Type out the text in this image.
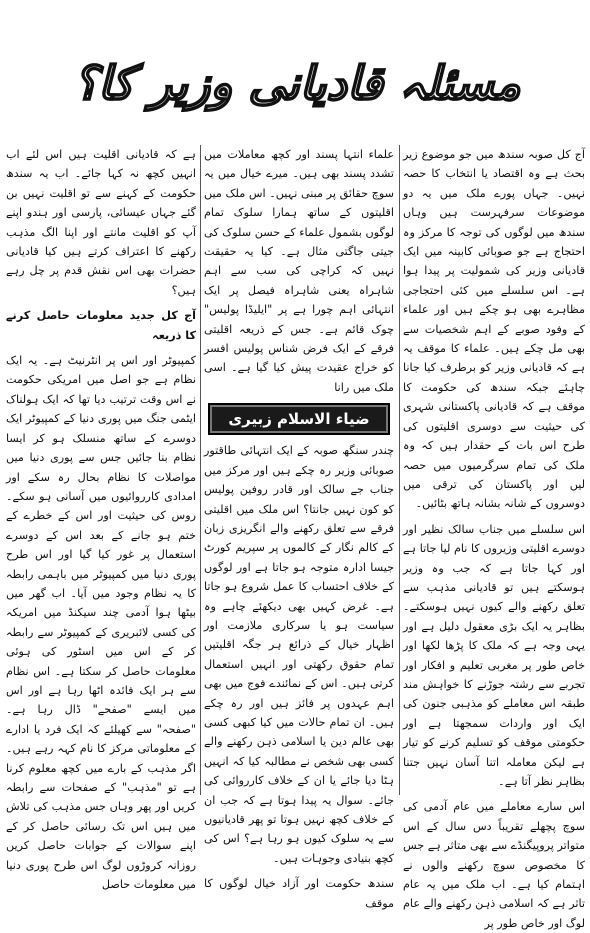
مسئلہ قادیانی وزیر کا؟

آج کل صوبہ سندھ میں جو موضوع زیر بحث ہے وہ اقتصاد یا انتخاب کا حصہ نہیں۔ جہاں پورے ملک میں یہ دو موضوعات سرفہرست ہیں وہاں سندھ میں لوگوں کی توجہ کا مرکز وہ احتجاج ہے جو صوبائی کابینہ میں ایک قادیانی وزیر کی شمولیت پر پیدا ہوا ہے۔ اس سلسلے میں کئی احتجاجی مظاہرے بھی ہو چکے ہیں اور علماء کے وفود صوبے کے اہم شخصیات سے بھی مل چکے ہیں۔ علماء کا موقف یہ ہے کہ قادیانی وزیر کو برطرف کیا جانا چاہئے جبکہ سندھ کی حکومت کا موقف ہے کہ قادیانی پاکستانی شہری کی حیثیت سے دوسری اقلیتوں کی طرح اس بات کے حقدار ہیں کہ وہ ملک کی تمام سرگرمیوں میں حصہ لیں اور پاکستان کی ترقی میں دوسروں کے شانہ بشانہ ہاتھ بٹائیں۔

اس سلسلے میں جناب سالک نظیر اور دوسرے اقلیتی وزیروں کا نام لیا جاتا ہے اور کہا جاتا ہے کہ جب وہ وزیر ہوسکتے ہیں تو قادیانی مذہب سے تعلق رکھنے والے کیوں نہیں ہوسکتے۔ بظاہر یہ ایک بڑی معقول دلیل ہے اور یہی وجہ ہے کہ ملک کا پڑھا لکھا اور خاص طور پر مغربی تعلیم و افکار اور تجربے سے رشتہ جوڑنے کا خواہش مند طبقہ اس معاملے کو مذہبی جنون کی ایک اور واردات سمجھتا ہے اور حکومتی موقف کو تسلیم کرنے کو تیار ہے لیکن معاملہ اتنا آسان نہیں جتنا بظاہر نظر آتا ہے۔

اس سارے معاملے میں عام آدمی کی سوچ پچھلے تقریباً دس سال کے اس متواتر پروپیگنڈے سے بھی متاثر ہے جس کا مخصوص سوچ رکھنے والوں نے اہتمام کیا ہے۔ اب ملک میں یہ عام تاثر ہے کہ اسلامی ذہن رکھنے والے عام لوگ اور خاص طور پر

علماء انتہا پسند اور کچھ معاملات میں تشدد پسند بھی ہیں۔ میرے خیال میں یہ سوچ حقائق پر مبنی نہیں۔ اس ملک میں اقلیتوں کے ساتھ ہمارا سلوک تمام لوگوں بشمول علماء کے حسن سلوک کی جیتی جاگتی مثال ہے۔ کیا یہ حقیقت نہیں کہ کراچی کی سب سے اہم شاہراہ یعنی شاہراہ فیصل پر ایک انتہائی اہم چورا ہے پر "ایلیڈا پولیس" چوک قائم ہے۔ جس کے ذریعہ اقلیتی فرقے کے ایک فرض شناس پولیس افسر کو خراج عقیدت پیش کیا گیا ہے۔ اسی ملک میں رانا

ضیاء الاسلام زبیری

چندر سنگھ صوبہ کے ایک انتہائی طاقتور صوبائی وزیر رہ چکے ہیں اور مرکز میں جناب جے سالک اور قادر روفین پولیس کو کون نہیں جانتا؟ اس ملک میں اقلیتی فرقے سے تعلق رکھنے والے انگریزی زبان کے کالم نگار کے کالموں پر سپریم کورٹ جیسا ادارہ متوجہ ہو جاتا ہے اور لوگوں کے خلاف احتساب کا عمل شروع ہو جاتا ہے۔ غرض کہیں بھی دیکھئے چاہے وہ سیاست ہو یا سرکاری ملازمت اور اظہار خیال کے ذرائع ہر جگہ اقلیتیں تمام حقوق رکھتی اور انہیں استعمال کرتی ہیں۔ اس کے نمائندے فوج میں بھی اہم عہدوں پر فائز ہیں اور رہ چکے ہیں۔ ان تمام حالات میں کیا کبھی کسی بھی عالم دین یا اسلامی ذہن رکھنے والے کسی بھی شخص نے مطالبہ کیا کہ انہیں ہٹا دیا جائے یا ان کے خلاف کارروائی کی جائے۔ سوال یہ پیدا ہوتا ہے کہ جب ان کے خلاف کچھ نہیں ہوتا تو پھر قادیانیوں سے یہ سلوک کیوں ہو رہا ہے؟ اس کی کچھ بنیادی وجوہات ہیں۔

سندھ حکومت اور آزاد خیال لوگوں کا موقف

ہے کہ قادیانی اقلیت ہیں اس لئے اب انہیں کچھ نہ کہا جائے۔ اب یہ سندھ حکومت کے کہنے سے تو اقلیت نہیں بن گئے جہاں عیسائی، پارسی اور ہندو اپنے آپ کو اقلیت مانتے اور اپنا الگ مذہب رکھنے کا اعتراف کرتے ہیں کیا قادیانی حضرات بھی اس نقش قدم پر چل رہے ہیں؟

آج کل جدید معلومات حاصل کرنے کا ذریعہ

کمپیوٹر اور اس پر انٹرنیٹ ہے۔ یہ ایک نظام ہے جو اصل میں امریکی حکومت نے اس وقت ترتیب دیا تھا کہ ایک ہولناک ایٹمی جنگ میں پوری دنیا کے کمپیوٹر ایک دوسرے کے ساتھ منسلک ہو کر ایسا نظام بنا جائیں جس سے پوری دنیا میں مواصلات کا نظام بحال رہ سکے اور امدادی کارروائیوں میں آسانی ہو سکے۔ روس کی حیثیت اور اس کے خطرے کے ختم ہو جانے کے بعد اس کے دوسرے استعمال پر غور کیا گیا اور اس طرح پوری دنیا میں کمپیوٹر میں باہمی رابطہ کا یہ نظام وجود میں آیا۔ اب گھر میں بیٹھا ہوا آدمی چند سیکنڈ میں امریکہ کی کسی لائبریری کے کمپیوٹر سے رابطہ کر کے اس میں اسٹور کی ہوئی معلومات حاصل کر سکتا ہے۔ اس نظام سے ہر ایک فائدہ اٹھا رہا ہے اور اس میں ایسے "صفحے" ڈال رہا ہے۔ "صفحہ" سے کھیلئے کہ ایک فرد یا ادارے کے معلوماتی مرکز کا نام کہہ رہے ہیں۔ اگر مذہب کے بارے میں کچھ معلوم کرنا ہے تو "مذہب" کے صفحات سے رابطہ کریں اور پھر وہاں جس مذہب کی تلاش میں ہیں اس تک رسائی حاصل کر کے اپنے سوالات کے جوابات حاصل کریں روزانہ کروڑوں لوگ اس طرح پوری دنیا میں معلومات حاصل
